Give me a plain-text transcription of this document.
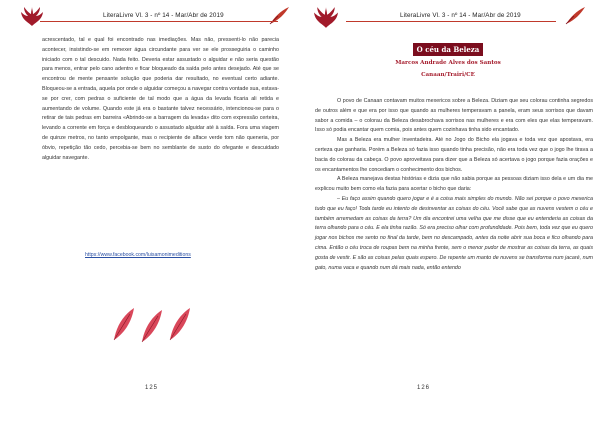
LiteraLivre Vl. 3 - nº 14 - Mar/Abr de 2019

acrescentado, tal e qual foi encontrado nas imediações. Mas não, pressenti-lo não parecia acontecer, insistindo-se em remexer água circundante para ver se ele prosseguiria o caminho iniciado com o tal descuido. Nada feito. Deveria estar assustado o alguidar e não seria questão para menos, entrar pelo cano adentro e ficar bloqueado da saída pelo antes desejado. Até que se encontrou de mente pensante solução que poderia dar resultado, no eventual certo adiante. Bloqueou-se a entrada, aquela por onde o alguidar começou a navegar contra vontade sua, estava-se por crer, com pedras o suficiente de tal modo que a água da levada ficaria ali retida e aumentando de volume. Quando este já era o bastante talvez necessário, intencionou-se para o retirar de tais pedras em barreira «Abrindo-se a barragem da levada» dito com expressão certeira, levando a corrente em força e desbloqueando o assustado alguidar até à saída. Fora uma viagem de quinze metros, no tanto empolgante, mas o recipiente de alface verde tom não queneria, por óbvio, repetição tão cedo, percebia-se bem no semblante de susto do ofegante e descuidado alguidar navegante.

https://www.facebook.com/luisamonimeditions
125
LiteraLivre Vl. 3 - nº 14 - Mar/Abr de 2019
O céu da Beleza
Marcos Andrade Alves dos Santos
Canaan/Trairi/CE

O povo de Canaan contavam muitos mexericos sobre a Beleza. Diziam que seu colorau continha segredos de outros além e que era por isso que quando as mulheres temperavam a panela, eram seus sorrisos que davam sabor a comida – o colorau da Beleza desabrochava sorrisos nas mulheres e era com eles que elas temperavam. Isso só podia encantar quem comia, pois antes quem cozinhava tinha sido encantado.

Mas a Beleza era mulher inventadeira. Até no Jogo do Bicho ela jogava e toda vez que apostava, era certeza que ganharia. Porém a Beleza só fazia isso quando tinha precisão, não era toda vez que o jogo lhe tirava a bacia do colorau da cabeça. O povo aproveitava para dizer que a Beleza só acertava o jogo porque fazia orações e os encantamentos lhe concediam o conhecimento dos bichos.

A Beleza manejava destas histórias e dizia que não sabia porque as pessoas diziam isso dela e um dia me explicou muito bem como ela fazia para acertar o bicho que daria:

– Eu faço assim quando quero jogar e é a coisa mais simples do mundo. Não sei porque o povo mexerica tudo que eu faço! Toda tarde eu intento de desinventar as coisas do céu. Você sabe que as nuvens vestem o céu e também arremedam as coisas da terra? Um dia encontrei uma velha que me disse que eu entenderia as coisas da terra olhando para o céu. E ela tinha razão. Só era preciso olhar com profundidade. Pois bem, toda vez que eu quero jogar nos bichos me sento no final da tarde, bem no descampado, antes da noite abrir sua boca e fico olhando para cima. Então o céu troca de roupas bem na minha frente, sem o menor pudor de mostrar as coisas da terra, as quais gosta de vestir. E são as coisas pelas quais espero. De repente um manto de nuvens se transforma num jacaré, num gato, numa vaca e quando num dá mais nada, então entendo

126
